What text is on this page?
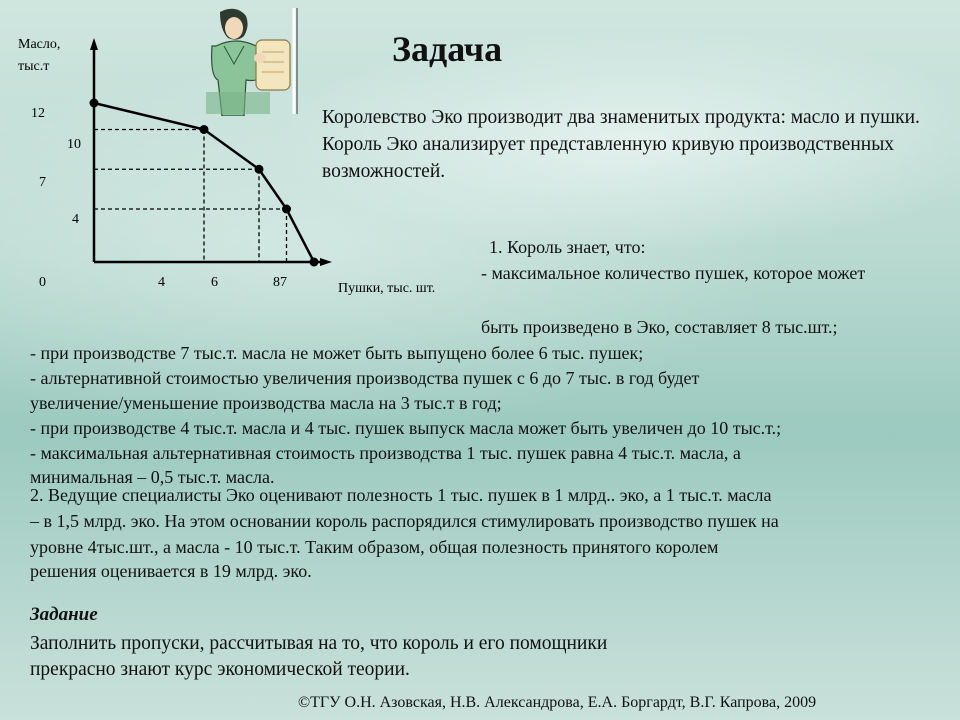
Задача
Масло,
тыс.т
Пушки, тыс. шт.
12
10
7
4
0	4	6	87
Королевство Эко производит два знаменитых продукта: масло и пушки. Король Эко анализирует представленную кривую производственных возможностей.
1. Король знает, что:
- максимальное количество пушек, которое может
быть произведено в Эко, составляет 8 тыс.шт.;
- при производстве 7 тыс.т. масла не может быть выпущено более 6 тыс. пушек;
- альтернативной стоимостью увеличения производства пушек с 6 до 7 тыс. в год будет
увеличение/уменьшение производства масла на 3 тыс.т в год;
- при производстве 4 тыс.т. масла и 4 тыс. пушек выпуск масла может быть увеличен до 10 тыс.т.;
- максимальная альтернативная стоимость производства 1 тыс. пушек равна 4 тыс.т. масла, а
минимальная – 0,5 тыс.т. масла.
2. Ведущие специалисты Эко оценивают полезность 1 тыс. пушек в 1 млрд.. эко, а 1 тыс.т. масла
– в 1,5 млрд. эко. На этом основании король распорядился стимулировать производство пушек на
уровне 4тыс.шт., а масла - 10 тыс.т. Таким образом, общая полезность принятого королем
решения оценивается в 19 млрд. эко.
Задание
Заполнить пропуски, рассчитывая на то, что король и его помощники
прекрасно знают курс экономической теории.
©ТГУ О.Н. Азовская, Н.В. Александрова, Е.А. Боргардт, В.Г. Капрова, 2009
